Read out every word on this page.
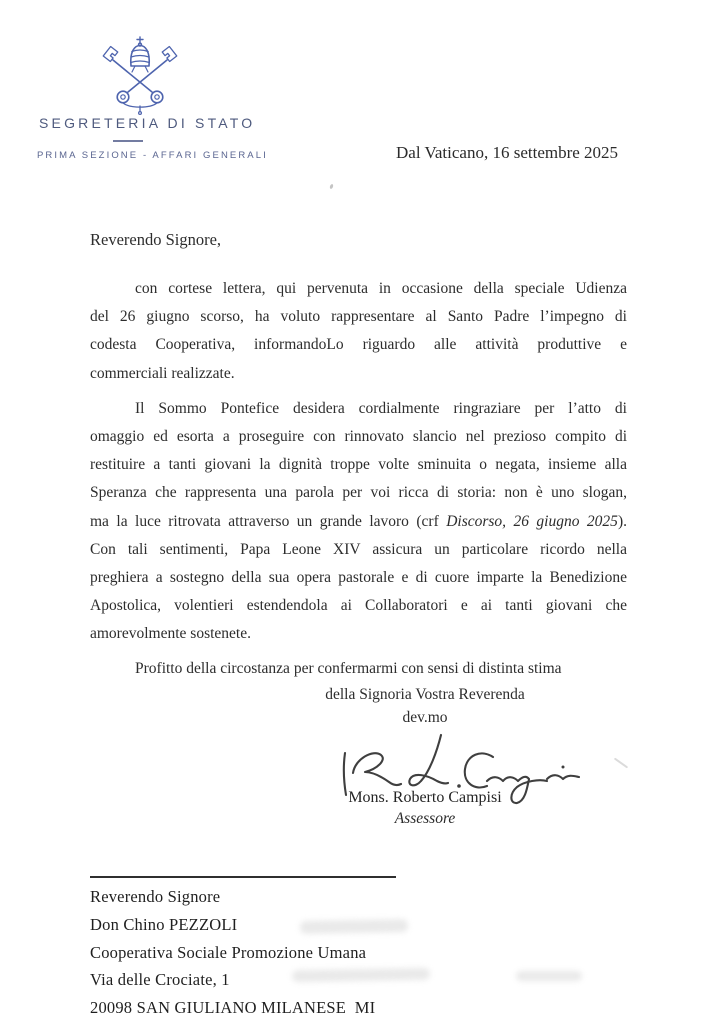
SEGRETERIA DI STATO
PRIMA SEZIONE - AFFARI GENERALI	Dal Vaticano, 16 settembre 2025
Reverendo Signore,
con cortese lettera, qui pervenuta in occasione della speciale Udienza
del 26 giugno scorso, ha voluto rappresentare al Santo Padre l’impegno di
codesta Cooperativa, informandoLo riguardo alle attività produttive e
commerciali realizzate.
Il Sommo Pontefice desidera cordialmente ringraziare per l’atto di
omaggio ed esorta a proseguire con rinnovato slancio nel prezioso compito di
restituire a tanti giovani la dignità troppe volte sminuita o negata, insieme alla
Speranza che rappresenta una parola per voi ricca di storia: non è uno slogan,
ma la luce ritrovata attraverso un grande lavoro (crf Discorso, 26 giugno 2025).
Con tali sentimenti, Papa Leone XIV assicura un particolare ricordo nella
preghiera a sostegno della sua opera pastorale e di cuore imparte la Benedizione
Apostolica, volentieri estendendola ai Collaboratori e ai tanti giovani che
amorevolmente sostenete.
Profitto della circostanza per confermarmi con sensi di distinta stima
della Signoria Vostra Reverenda
dev.mo
Mons. Roberto Campisi
Assessore
Reverendo Signore
Don Chino PEZZOLI
Cooperativa Sociale Promozione Umana
Via delle Crociate, 1
20098 SAN GIULIANO MILANESE  MI
